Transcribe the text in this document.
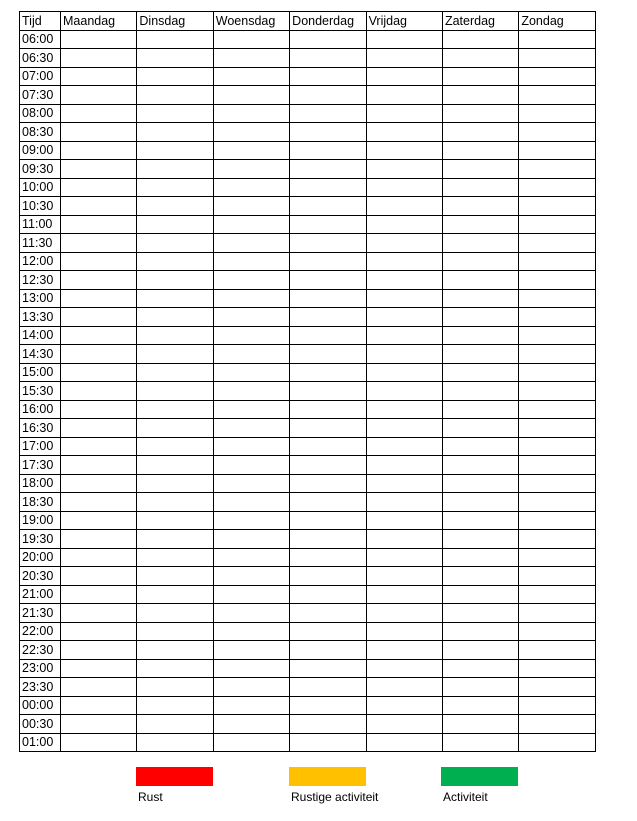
Tijd	Maandag	Dinsdag	Woensdag	Donderdag	Vrijdag	Zaterdag	Zondag
06:00							
06:30							
07:00							
07:30							
08:00							
08:30							
09:00							
09:30							
10:00							
10:30							
11:00							
11:30							
12:00							
12:30							
13:00							
13:30							
14:00							
14:30							
15:00							
15:30							
16:00							
16:30							
17:00							
17:30							
18:00							
18:30							
19:00							
19:30							
20:00							
20:30							
21:00							
21:30							
22:00							
22:30							
23:00							
23:30							
00:00							
00:30							
01:00							
Rust	Rustige activiteit	Activiteit
